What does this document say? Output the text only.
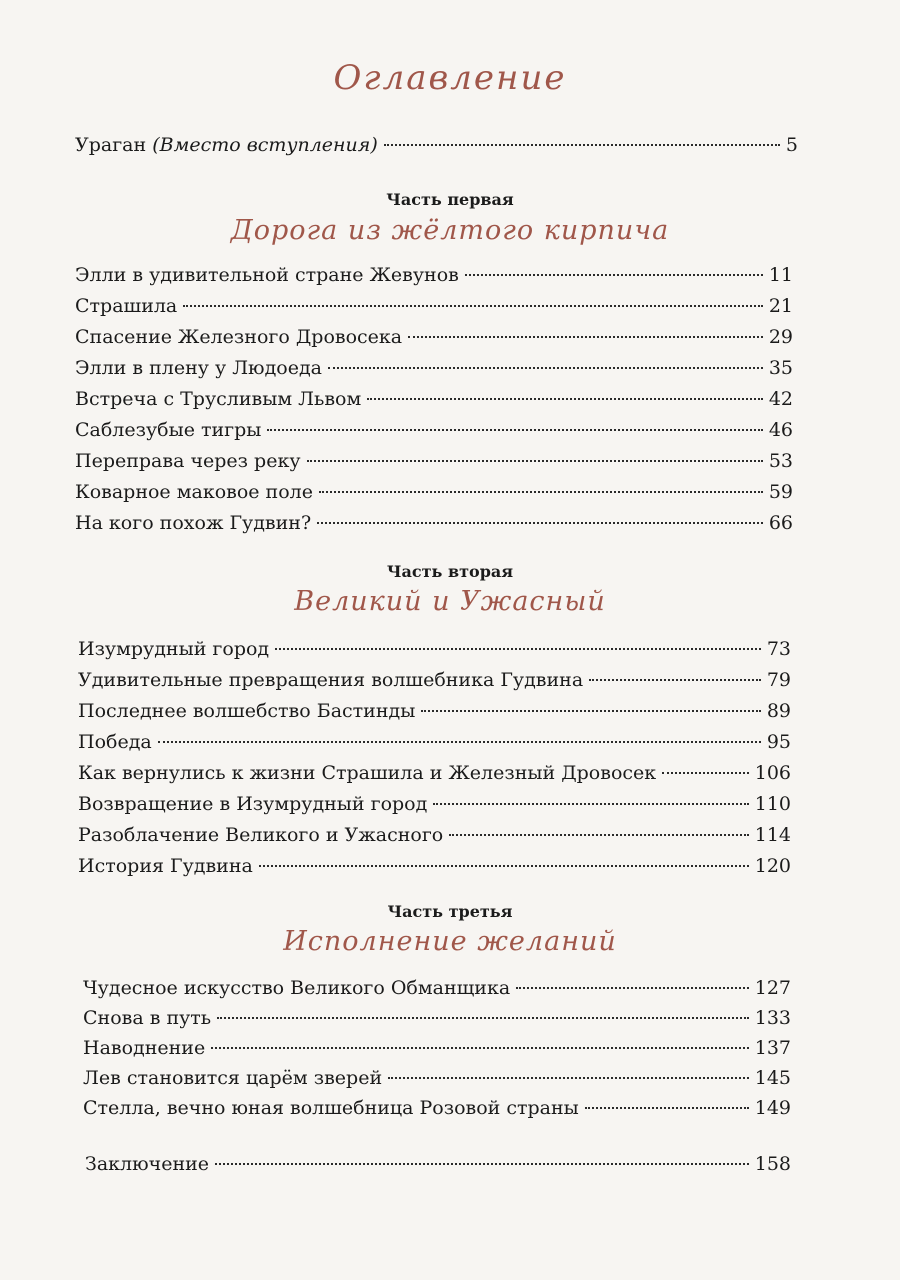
Оглавление
Ураган (Вместо вступления)	5
Часть первая
Дорога из жёлтого кирпича
Элли в удивительной стране Жевунов	11
Страшила	21
Спасение Железного Дровосека	29
Элли в плену у Людоеда	35
Встреча с Трусливым Львом	42
Саблезубые тигры	46
Переправа через реку	53
Коварное маковое поле	59
На кого похож Гудвин?	66
Часть вторая
Великий и Ужасный
Изумрудный город	73
Удивительные превращения волшебника Гудвина	79
Последнее волшебство Бастинды	89
Победа	95
Как вернулись к жизни Страшила и Железный Дровосек	106
Возвращение в Изумрудный город	110
Разоблачение Великого и Ужасного	114
История Гудвина	120
Часть третья
Исполнение желаний
Чудесное искусство Великого Обманщика	127
Снова в путь	133
Наводнение	137
Лев становится царём зверей	145
Стелла, вечно юная волшебница Розовой страны	149
Заключение	158
